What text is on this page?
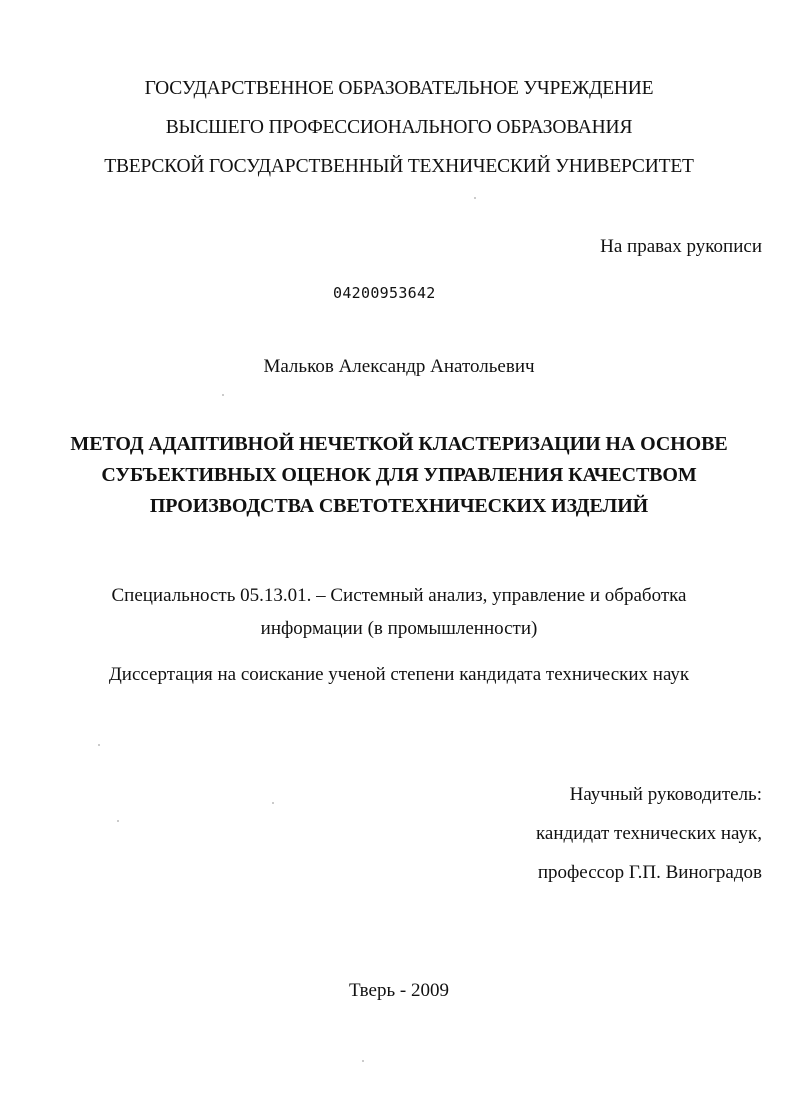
ГОСУДАРСТВЕННОЕ ОБРАЗОВАТЕЛЬНОЕ УЧРЕЖДЕНИЕ
ВЫСШЕГО ПРОФЕССИОНАЛЬНОГО ОБРАЗОВАНИЯ
ТВЕРСКОЙ ГОСУДАРСТВЕННЫЙ ТЕХНИЧЕСКИЙ УНИВЕРСИТЕТ
На правах рукописи
04200953642
Мальков Александр Анатольевич
МЕТОД АДАПТИВНОЙ НЕЧЕТКОЙ КЛАСТЕРИЗАЦИИ НА ОСНОВЕ
СУБЪЕКТИВНЫХ ОЦЕНОК ДЛЯ УПРАВЛЕНИЯ КАЧЕСТВОМ
ПРОИЗВОДСТВА СВЕТОТЕХНИЧЕСКИХ ИЗДЕЛИЙ
Специальность 05.13.01. – Системный анализ, управление и обработка
информации (в промышленности)
Диссертация на соискание ученой степени кандидата технических наук
Научный руководитель:
кандидат технических наук,
профессор Г.П. Виноградов
Тверь - 2009
